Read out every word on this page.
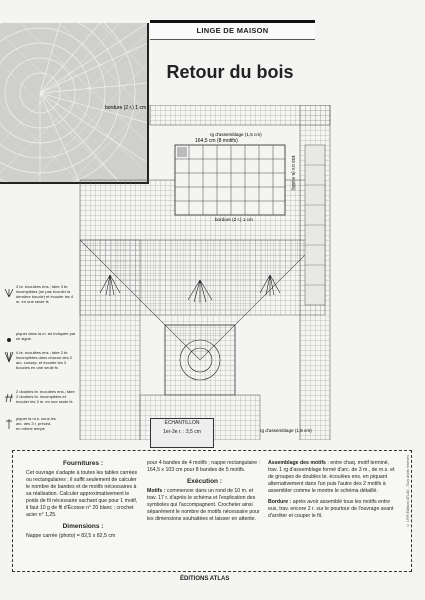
LINGE DE MAISON
Retour du bois
bordure (2 r.) 1 cm
164,5 cm (8 motifs)
rg d'assemblage (1,5 cm)
103 cm (5 motifs)
bordure (2 r.) 1 cm
rg d'assemblage (1,5 cm)
3 br. écoulées ens.; faire 3 br. incomplètes (ne pas écouler la dernière boucle) et écouler les 4 m. en une seule fs
piquer dans la m. air indiquée par ce signe.
4 br. écoulées ens.; faire 2 br. incomplètes dans chacun des 2 arc. consép. et écouler les 3 boucles en une seule fs
2 doubles br. écoulées ens.; faire 2 doubles br. incomplètes et écouler les 3 m. en une seule fs
piquer la m.s. sous les arc. des 3 r. précéd. en même temps
ÉCHANTILLON
1er-3e r. : 3,5 cm
Fournitures :

Cet ouvrage s'adapte à toutes les tables carrées ou rectangulaires ; il suffit seulement de calculer le nombre de bandes et de motifs nécessaires à sa réalisation. Calculer approximativement le poids de fil nécessaire sachant que pour 1 motif, il faut 10 g de fil d'Écosse n° 20 blanc ; crochet acier n° 1,25.

Dimensions :

Nappe carrée (photo) = 82,5 x 82,5 cm

pour 4 bandes de 4 motifs ; nappe rectangulaire : 164,5 x 103 cm pour 8 bandes de 5 motifs.

Exécution :

Motifs : commencer dans un rond de 10 m. et trav. 17 r. d'après le schéma et l'explication des symboles qui l'accompagnent. Crocheter ainsi séparément le nombre de motifs nécessaire pour les dimensions souhaitées et laisser en attente.

Assemblage des motifs : entre chaq. motif terminé, trav. 1 rg d'assemblage formé d'arc. de 3 m., de m.s. et de groupes de doubles br. écoulées ens. en piquant alternativement dans l'un puis l'autre des 2 motifs à assembler comme le montre le schéma détaillé.

Bordure : après avoir assemblé tous les motifs entre eux, trav. encore 2 r. sur le pourtour de l'ouvrage avant d'arrêter et couper le fil.	© 1999 Éditions ATLAS - Tous droits réservés
ÉDITIONS ATLAS
